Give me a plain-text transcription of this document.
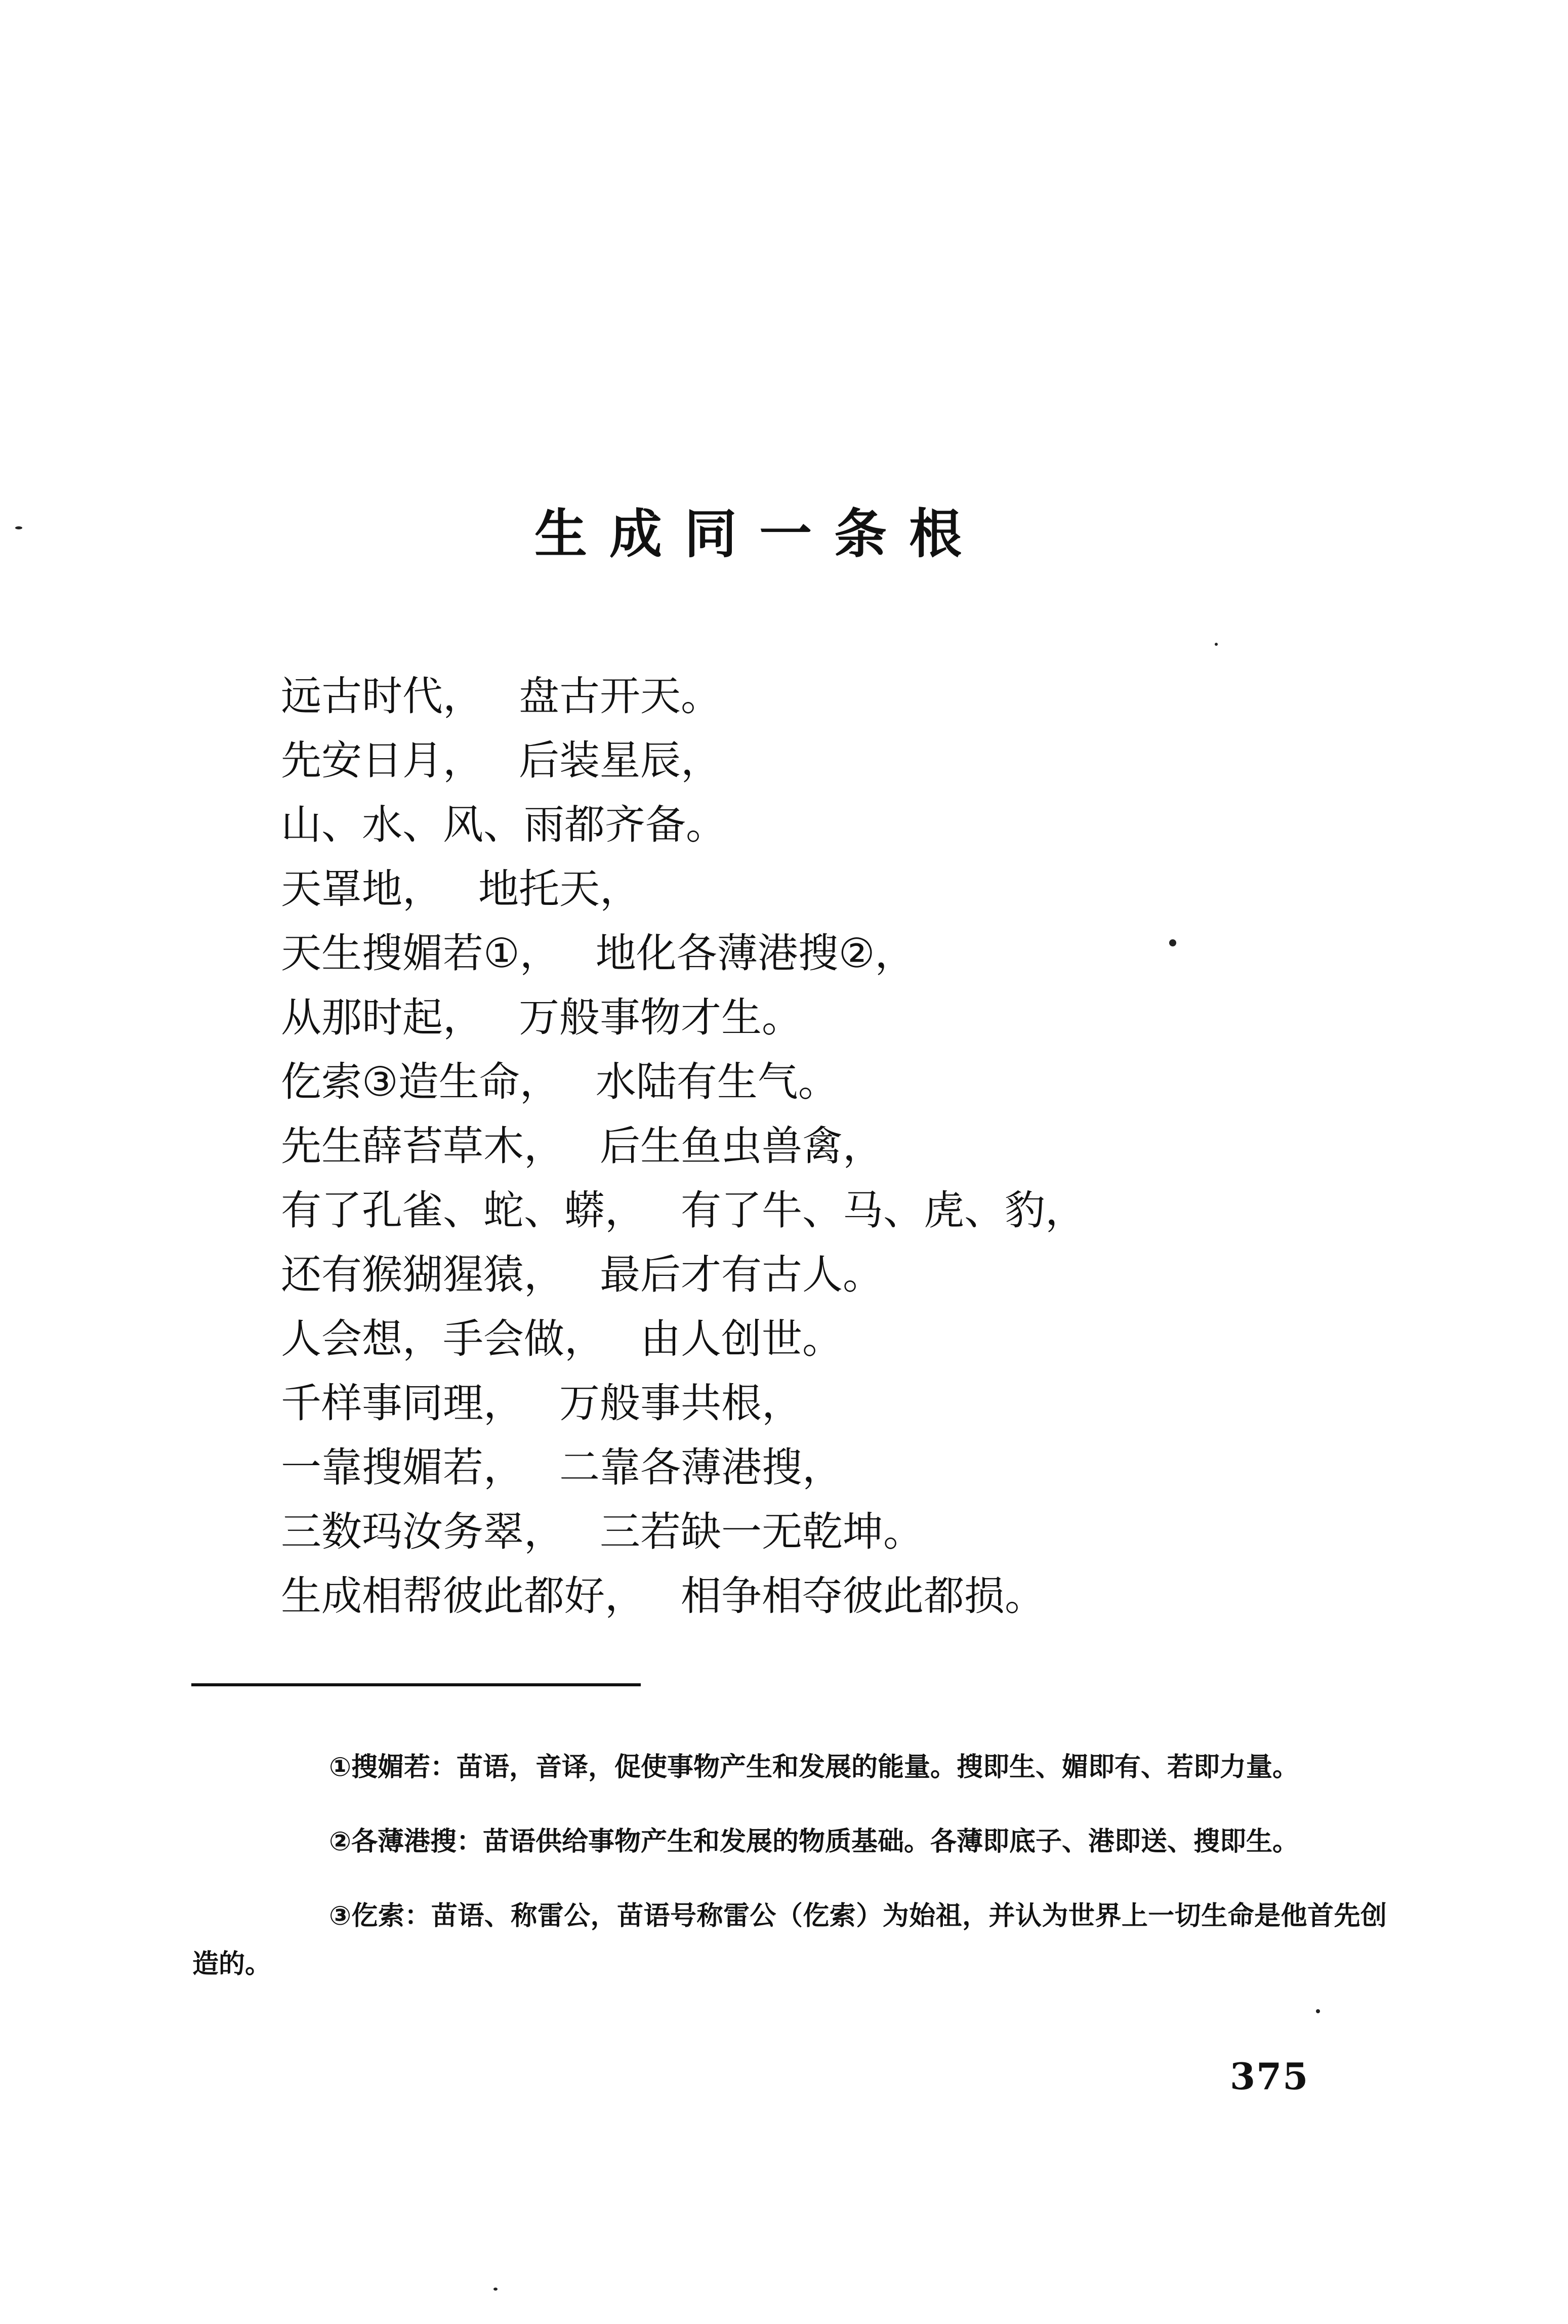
生成同一条根
远古时代， 盘古开天。
先安日月， 后装星辰，
山、水、风、雨都齐备。
天罩地， 地托天，
天生搜媚若①， 地化各薄港搜②，
从那时起， 万般事物才生。
仡索③造生命， 水陆有生气。
先生薛苔草木， 后生鱼虫兽禽，
有了孔雀、蛇、蟒， 有了牛、马、虎、豹，
还有猴猢猩猿， 最后才有古人。
人会想，手会做， 由人创世。
千样事同理， 万般事共根，
一靠搜媚若， 二靠各薄港搜，
三数玛汝务翠， 三若缺一无乾坤。
生成相帮彼此都好， 相争相夺彼此都损。

①搜媚若：苗语，音译，促使事物产生和发展的能量。搜即生、媚即有、若即力量。

②各薄港搜：苗语供给事物产生和发展的物质基础。各薄即底子、港即送、搜即生。

③仡索：苗语、称雷公，苗语号称雷公（仡索）为始祖，并认为世界上一切生命是他首先创造的。

375
